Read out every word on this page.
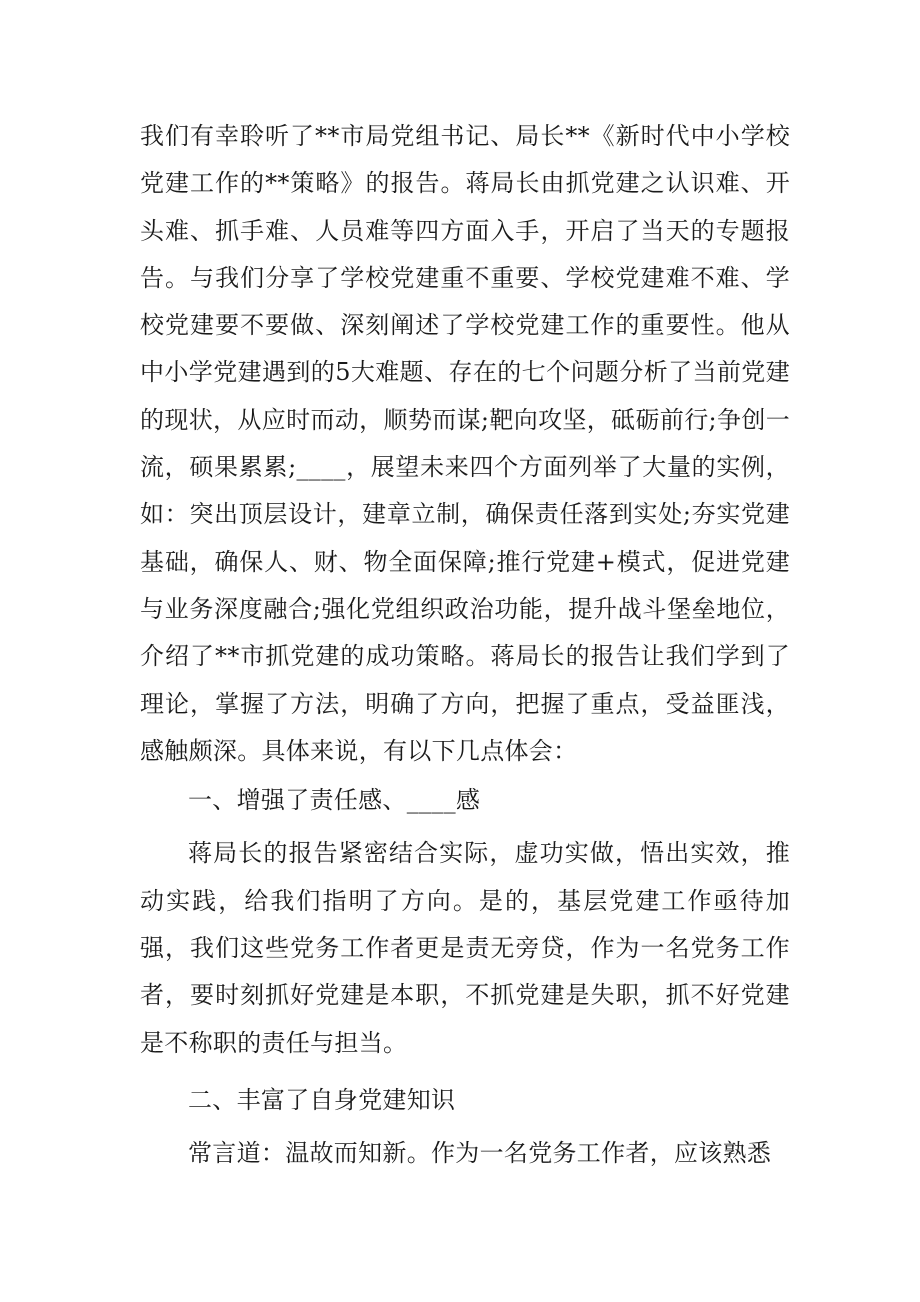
我们有幸聆听了**市局党组书记、局长**《新时代中小学校党建工作的**策略》的报告。蒋局长由抓党建之认识难、开头难、抓手难、人员难等四方面入手，开启了当天的专题报告。与我们分享了学校党建重不重要、学校党建难不难、学校党建要不要做、深刻阐述了学校党建工作的重要性。他从中小学党建遇到的5大难题、存在的七个问题分析了当前党建的现状，从应时而动，顺势而谋;靶向攻坚，砥砺前行;争创一流，硕果累累;____，展望未来四个方面列举了大量的实例，如：突出顶层设计，建章立制，确保责任落到实处;夯实党建基础，确保人、财、物全面保障;推行党建+模式，促进党建与业务深度融合;强化党组织政治功能，提升战斗堡垒地位，介绍了**市抓党建的成功策略。蒋局长的报告让我们学到了理论，掌握了方法，明确了方向，把握了重点，受益匪浅，感触颇深。具体来说，有以下几点体会：

一、增强了责任感、____感

蒋局长的报告紧密结合实际，虚功实做，悟出实效，推动实践，给我们指明了方向。是的，基层党建工作亟待加强，我们这些党务工作者更是责无旁贷，作为一名党务工作者，要时刻抓好党建是本职，不抓党建是失职，抓不好党建是不称职的责任与担当。

二、丰富了自身党建知识

常言道：温故而知新。作为一名党务工作者，应该熟悉
